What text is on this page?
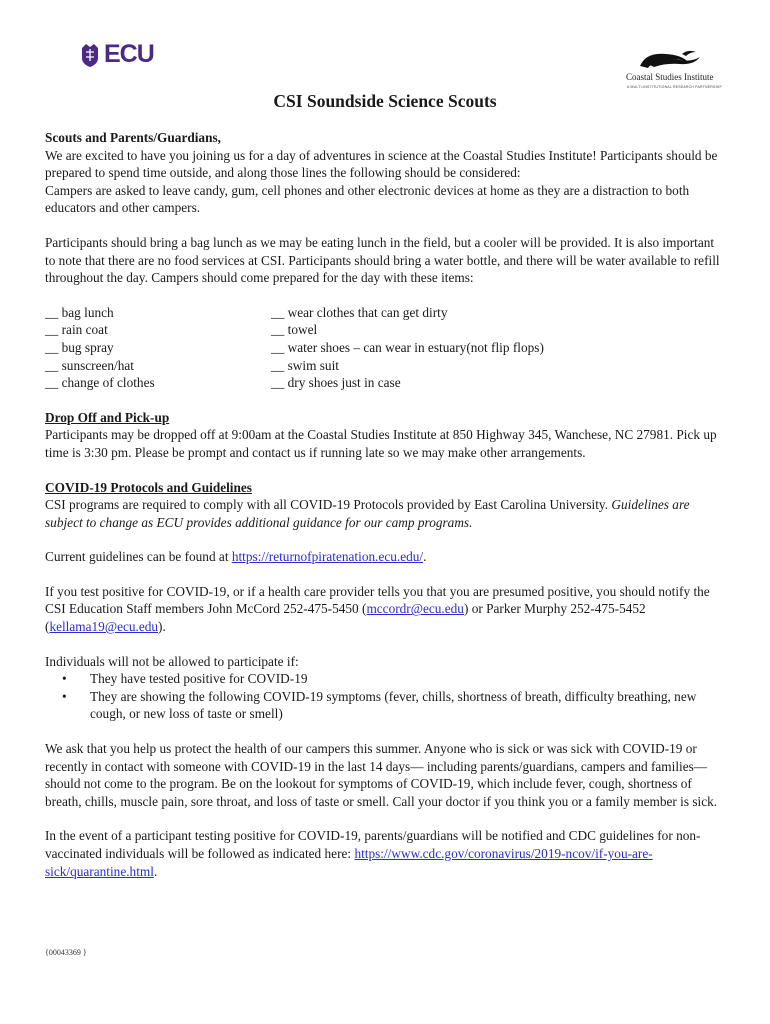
ECU
Coastal Studies Institute
A MULTI-INSTITUTIONAL RESEARCH PARTNERSHIP
CSI Soundside Science Scouts

Scouts and Parents/Guardians,

We are excited to have you joining us for a day of adventures in science at the Coastal Studies Institute! Participants should be prepared to spend time outside, and along those lines the following should be considered:

Campers are asked to leave candy, gum, cell phones and other electronic devices at home as they are a distraction to both educators and other campers.

Participants should bring a bag lunch as we may be eating lunch in the field, but a cooler will be provided. It is also important to note that there are no food services at CSI. Participants should bring a water bottle, and there will be water available to refill throughout the day. Campers should come prepared for the day with these items:

__ bag lunch
__ rain coat
__ bug spray
__ sunscreen/hat
__ change of clothes
__ wear clothes that can get dirty
__ towel
__ water shoes – can wear in estuary(not flip flops)
__ swim suit
__ dry shoes just in case

Drop Off and Pick-up

Participants may be dropped off at 9:00am at the Coastal Studies Institute at 850 Highway 345, Wanchese, NC 27981. Pick up time is 3:30 pm. Please be prompt and contact us if running late so we may make other arrangements.

COVID-19 Protocols and Guidelines

CSI programs are required to comply with all COVID-19 Protocols provided by East Carolina University. Guidelines are subject to change as ECU provides additional guidance for our camp programs.

Current guidelines can be found at https://returnofpiratenation.ecu.edu/.

If you test positive for COVID-19, or if a health care provider tells you that you are presumed positive, you should notify the CSI Education Staff members John McCord 252-475-5450 (mccordr@ecu.edu) or Parker Murphy 252-475-5452 (kellama19@ecu.edu).

Individuals will not be allowed to participate if:

• They have tested positive for COVID-19
• They are showing the following COVID-19 symptoms (fever, chills, shortness of breath, difficulty breathing, new cough, or new loss of taste or smell)

We ask that you help us protect the health of our campers this summer. Anyone who is sick or was sick with COVID-19 or recently in contact with someone with COVID-19 in the last 14 days— including parents/guardians, campers and families— should not come to the program. Be on the lookout for symptoms of COVID-19, which include fever, cough, shortness of breath, chills, muscle pain, sore throat, and loss of taste or smell. Call your doctor if you think you or a family member is sick.

In the event of a participant testing positive for COVID-19, parents/guardians will be notified and CDC guidelines for non-vaccinated individuals will be followed as indicated here: https://www.cdc.gov/coronavirus/2019-ncov/if-you-are-sick/quarantine.html.

{00043369 }
